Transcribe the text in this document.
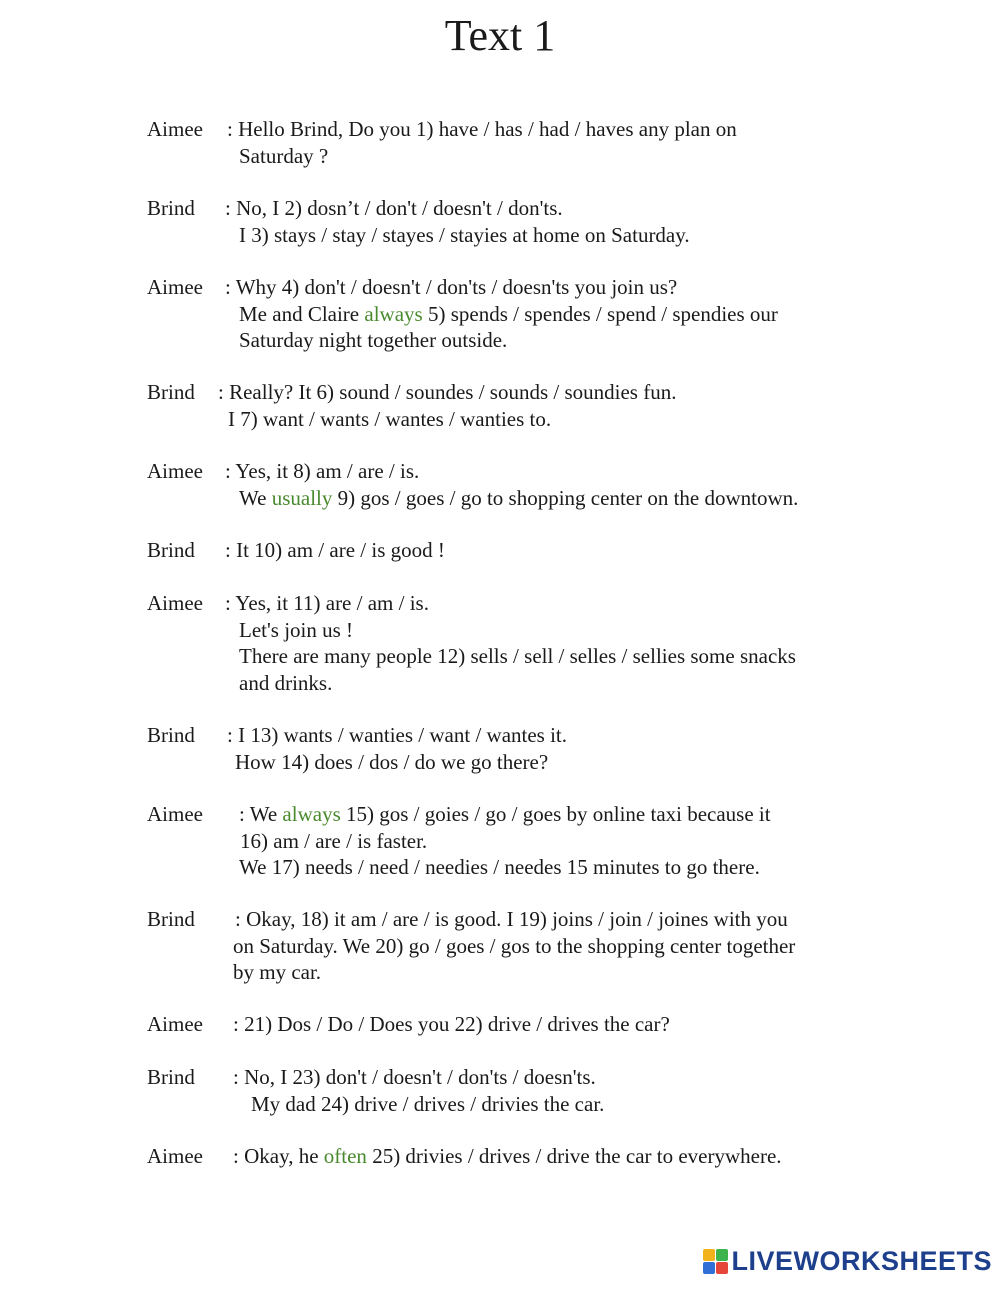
Text 1
Aimee : Hello Brind, Do you 1) have / has / had / haves any plan on
Saturday ?
Brind : No, I 2) dosn’t / don't / doesn't / don'ts.
I 3) stays / stay / stayes / stayies at home on Saturday.
Aimee : Why 4) don't / doesn't / don'ts / doesn'ts you join us?
Me and Claire always 5) spends / spendes / spend / spendies our
Saturday night together outside.
Brind : Really? It 6) sound / soundes / sounds / soundies fun.
I 7) want / wants / wantes / wanties to.
Aimee : Yes, it 8) am / are / is.
We usually 9) gos / goes / go to shopping center on the downtown.
Brind : It 10) am / are / is good !
Aimee : Yes, it 11) are / am / is.
Let's join us !
There are many people 12) sells / sell / selles / sellies some snacks
and drinks.
Brind : I 13) wants / wanties / want / wantes it.
How 14) does / dos / do we go there?
Aimee : We always 15) gos / goies / go / goes by online taxi because it
16) am / are / is faster.
We 17) needs / need / needies / needes 15 minutes to go there.
Brind : Okay, 18) it am / are / is good. I 19) joins / join / joines with you
on Saturday. We 20) go / goes / gos to the shopping center together
by my car.
Aimee : 21) Dos / Do / Does you 22) drive / drives the car?
Brind : No, I 23) don't / doesn't / don'ts / doesn'ts.
My dad 24) drive / drives / drivies the car.
Aimee : Okay, he often 25) drivies / drives / drive the car to everywhere.
LIVEWORKSHEETS
